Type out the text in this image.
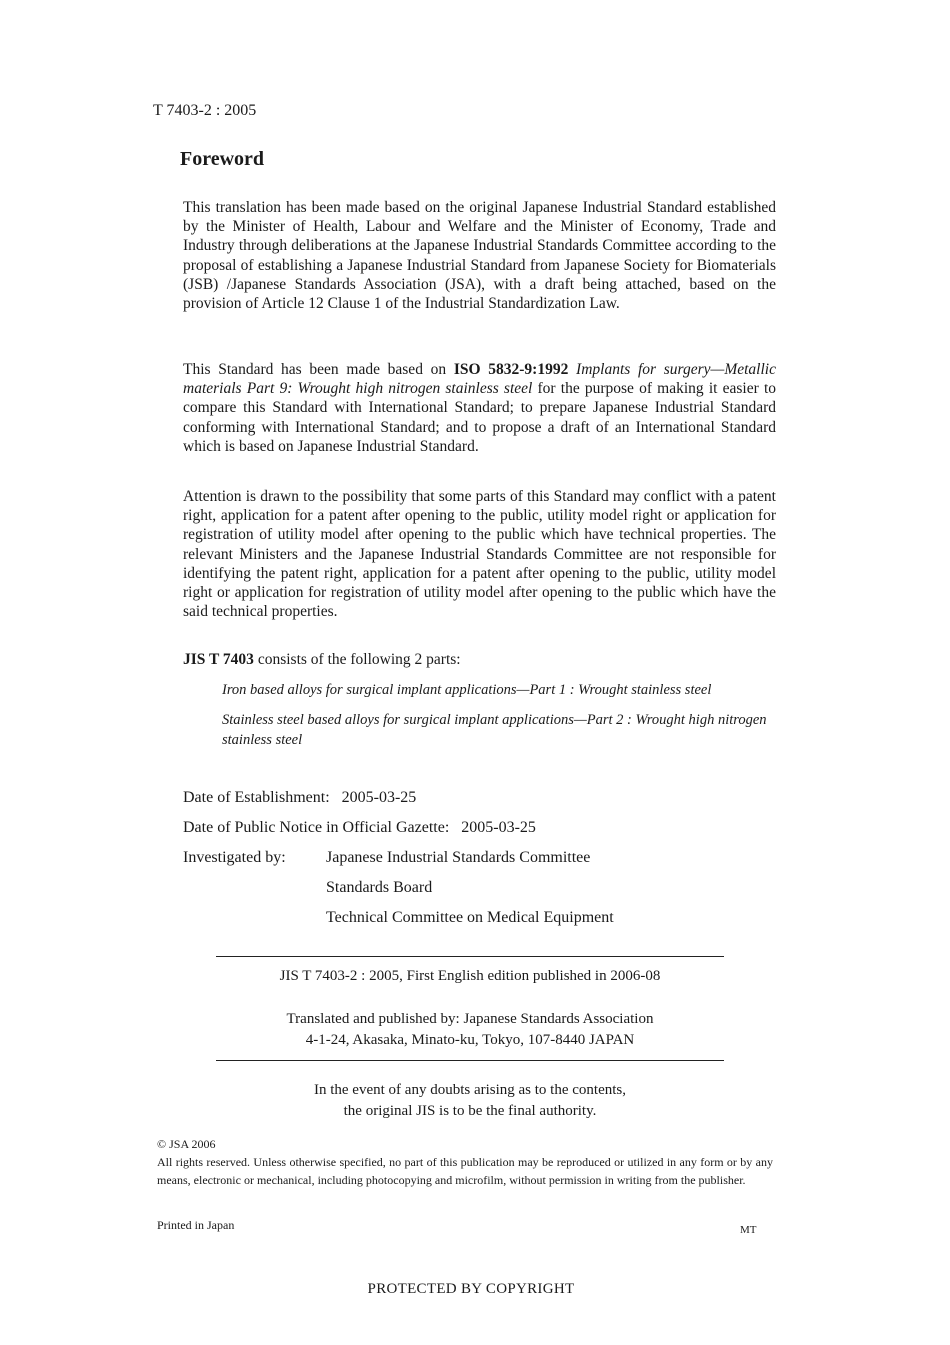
T 7403-2 : 2005
Foreword
This translation has been made based on the original Japanese Industrial Standard established by the Minister of Health, Labour and Welfare and the Minister of Economy, Trade and Industry through deliberations at the Japanese Industrial Standards Committee according to the proposal of establishing a Japanese Industrial Standard from Japanese Society for Biomaterials (JSB) /Japanese Standards Association (JSA), with a draft being attached, based on the provision of Article 12 Clause 1 of the Industrial Standardization Law.
This Standard has been made based on ISO 5832-9:1992 Implants for surgery—Metallic materials Part 9: Wrought high nitrogen stainless steel for the purpose of making it easier to compare this Standard with International Standard; to prepare Japanese Industrial Standard conforming with International Standard; and to propose a draft of an International Standard which is based on Japanese Industrial Standard.
Attention is drawn to the possibility that some parts of this Standard may conflict with a patent right, application for a patent after opening to the public, utility model right or application for registration of utility model after opening to the public which have technical properties. The relevant Ministers and the Japanese Industrial Standards Committee are not responsible for identifying the patent right, application for a patent after opening to the public, utility model right or application for registration of utility model after opening to the public which have the said technical properties.
JIS T 7403 consists of the following 2 parts:
Iron based alloys for surgical implant applications—Part 1 : Wrought stainless steel
Stainless steel based alloys for surgical implant applications—Part 2 : Wrought high nitrogen stainless steel
Date of Establishment:   2005-03-25
Date of Public Notice in Official Gazette:   2005-03-25
Investigated by:	Japanese Industrial Standards Committee
Standards Board
Technical Committee on Medical Equipment
JIS T 7403-2 : 2005, First English edition published in 2006-08
Translated and published by: Japanese Standards Association
4-1-24, Akasaka, Minato-ku, Tokyo, 107-8440 JAPAN
In the event of any doubts arising as to the contents,
the original JIS is to be the final authority.
© JSA 2006
All rights reserved. Unless otherwise specified, no part of this publication may be reproduced or utilized in any form or by any means, electronic or mechanical, including photocopying and microfilm, without permission in writing from the publisher.
Printed in Japan	MT
PROTECTED BY COPYRIGHT
